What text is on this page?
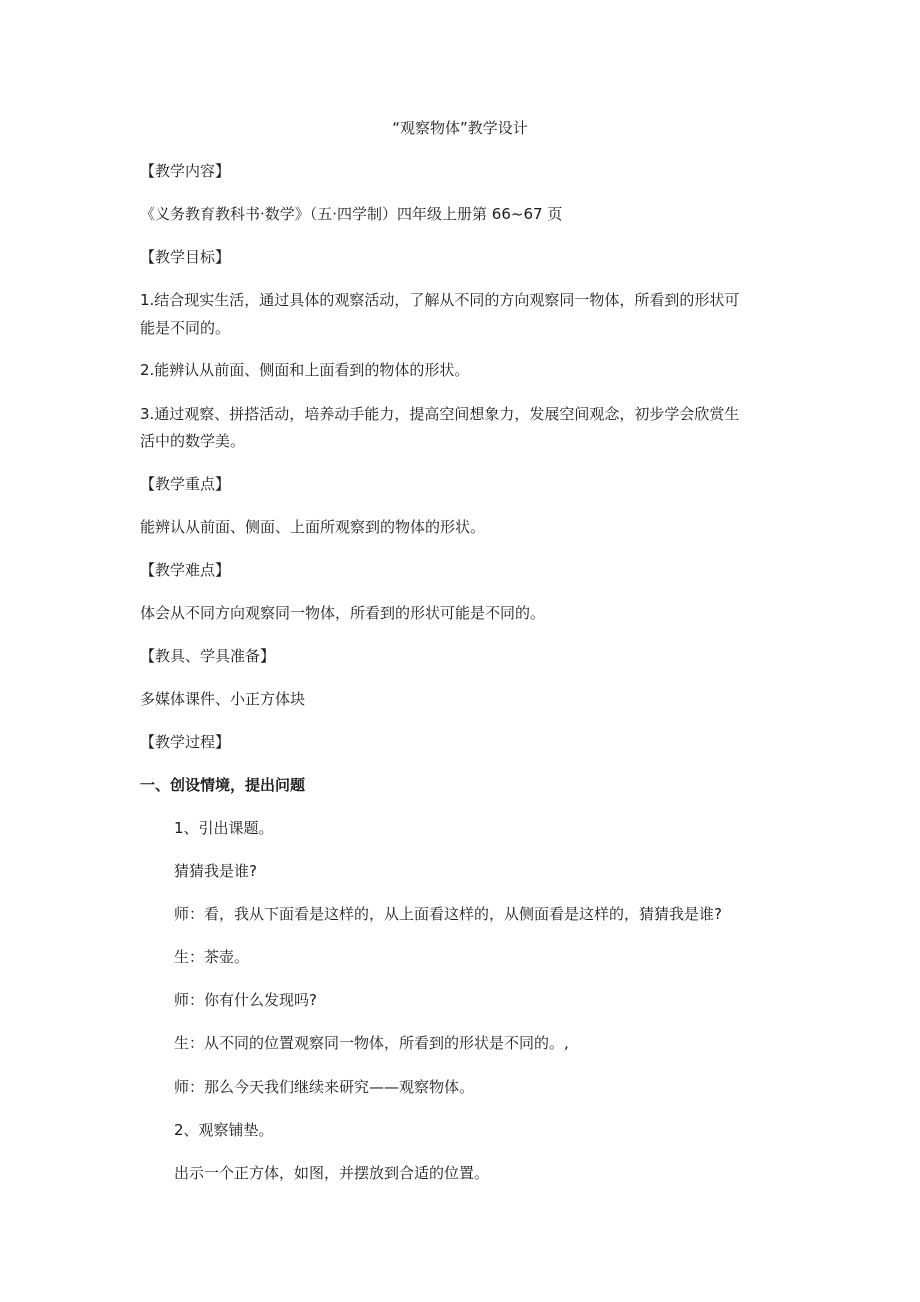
“观察物体”教学设计
【教学内容】
《义务教育教科书·数学》（五·四学制）四年级上册第 66~67 页
【教学目标】
1.结合现实生活，通过具体的观察活动，了解从不同的方向观察同一物体，所看到的形状可
能是不同的。
2.能辨认从前面、侧面和上面看到的物体的形状。
3.通过观察、拼搭活动，培养动手能力，提高空间想象力，发展空间观念，初步学会欣赏生
活中的数学美。
【教学重点】
能辨认从前面、侧面、上面所观察到的物体的形状。
【教学难点】
体会从不同方向观察同一物体，所看到的形状可能是不同的。
【教具、学具准备】
多媒体课件、小正方体块
【教学过程】
一、创设情境，提出问题
1、引出课题。
猜猜我是谁?
师：看，我从下面看是这样的，从上面看这样的，从侧面看是这样的，猜猜我是谁?
生：茶壶。
师：你有什么发现吗?
生：从不同的位置观察同一物体，所看到的形状是不同的。,
师：那么今天我们继续来研究——观察物体。
2、观察铺垫。
出示一个正方体，如图，并摆放到合适的位置。
